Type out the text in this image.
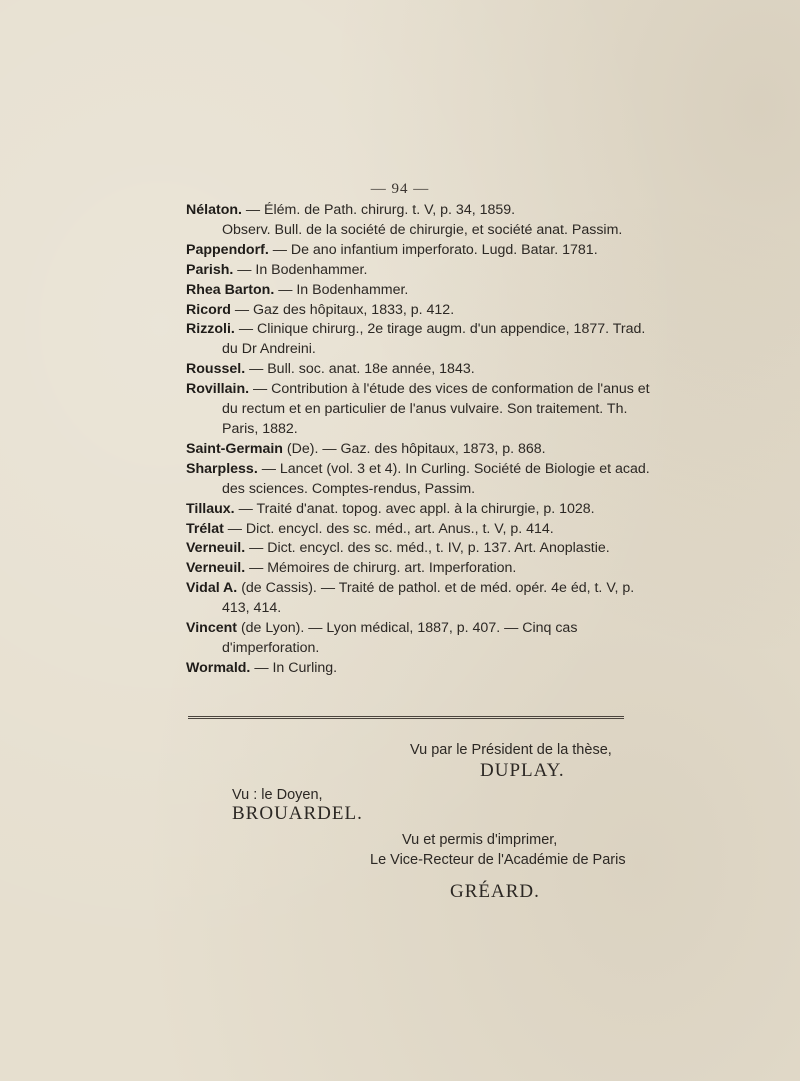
— 94 —

Nélaton. — Élém. de Path. chirurg. t. V, p. 34, 1859.

Observ. Bull. de la société de chirurgie, et société anat. Passim.

Pappendorf. — De ano infantium imperforato. Lugd. Batar. 1781.

Parish. — In Bodenhammer.

Rhea Barton. — In Bodenhammer.

Ricord — Gaz des hôpitaux, 1833, p. 412.

Rizzoli. — Clinique chirurg., 2e tirage augm. d'un appendice, 1877. Trad. du Dr Andreini.

Roussel. — Bull. soc. anat. 18e année, 1843.

Rovillain. — Contribution à l'étude des vices de conformation de l'anus et du rectum et en particulier de l'anus vulvaire. Son traitement. Th. Paris, 1882.

Saint-Germain (De). — Gaz. des hôpitaux, 1873, p. 868.

Sharpless. — Lancet (vol. 3 et 4). In Curling. Société de Biologie et acad. des sciences. Comptes-rendus, Passim.

Tillaux. — Traité d'anat. topog. avec appl. à la chirurgie, p. 1028.

Trélat — Dict. encycl. des sc. méd., art. Anus., t. V, p. 414.

Verneuil. — Dict. encycl. des sc. méd., t. IV, p. 137. Art. Anoplastie.

Verneuil. — Mémoires de chirurg. art. Imperforation.

Vidal A. (de Cassis). — Traité de pathol. et de méd. opér. 4e éd, t. V, p. 413, 414.

Vincent (de Lyon). — Lyon médical, 1887, p. 407. — Cinq cas d'imperforation.

Wormald. — In Curling.

Vu par le Président de la thèse,
DUPLAY.
Vu : le Doyen,
BROUARDEL.
Vu et permis d'imprimer,
Le Vice-Recteur de l'Académie de Paris
GRÉARD.
